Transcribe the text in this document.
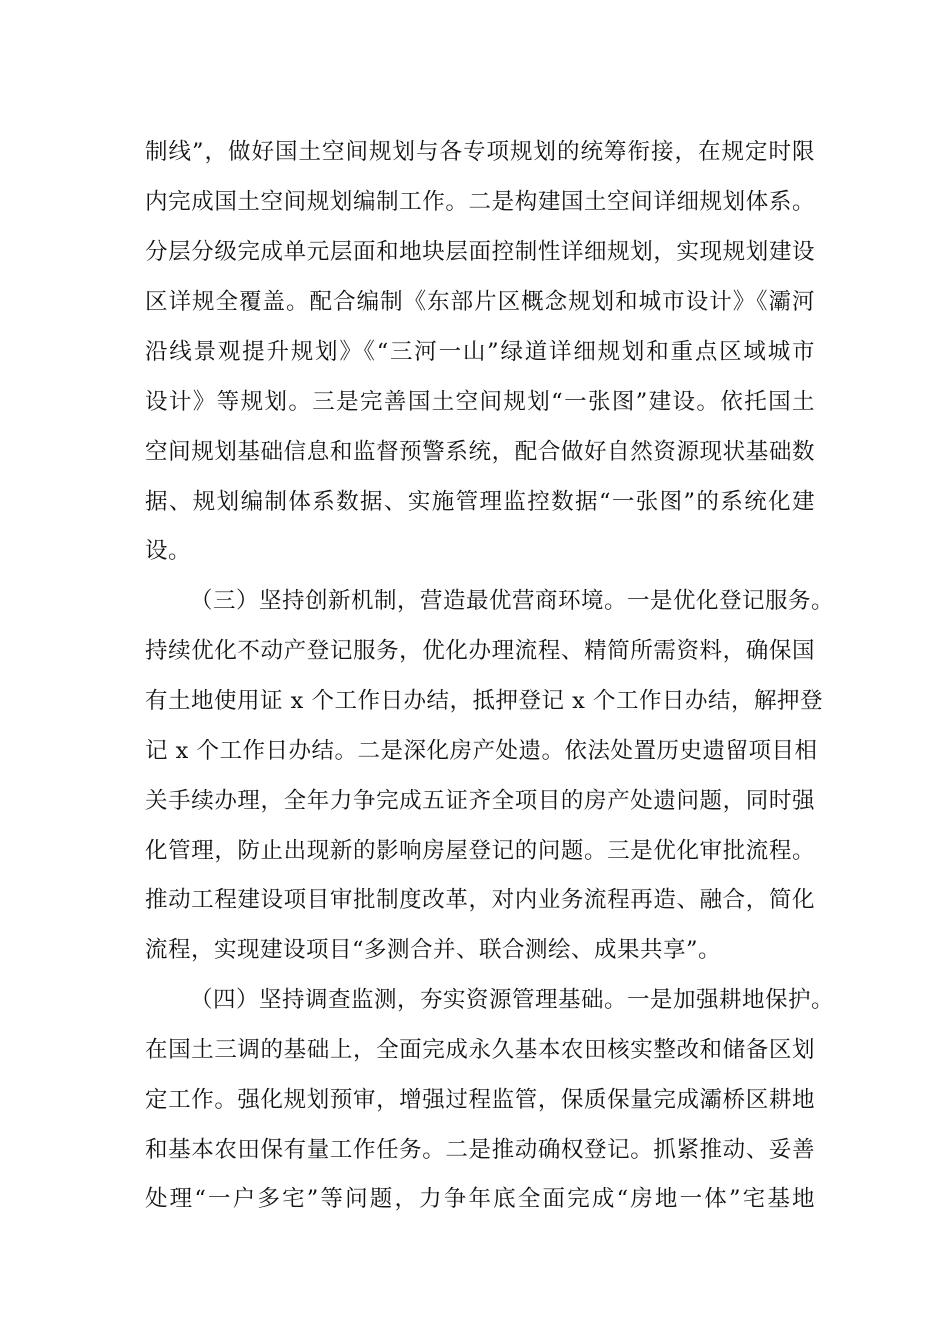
制线”，做好国土空间规划与各专项规划的统筹衔接，在规定时限
内完成国土空间规划编制工作。二是构建国土空间详细规划体系。
分层分级完成单元层面和地块层面控制性详细规划，实现规划建设
区详规全覆盖。配合编制《东部片区概念规划和城市设计》《灞河
沿线景观提升规划》《“三河一山”绿道详细规划和重点区域城市
设计》等规划。三是完善国土空间规划“一张图”建设。依托国土
空间规划基础信息和监督预警系统，配合做好自然资源现状基础数
据、规划编制体系数据、实施管理监控数据“一张图”的系统化建
设。
（三）坚持创新机制，营造最优营商环境。一是优化登记服务。
持续优化不动产登记服务，优化办理流程、精简所需资料，确保国
有土地使用证 x 个工作日办结，抵押登记 x 个工作日办结，解押登
记 x 个工作日办结。二是深化房产处遗。依法处置历史遗留项目相
关手续办理，全年力争完成五证齐全项目的房产处遗问题，同时强
化管理，防止出现新的影响房屋登记的问题。三是优化审批流程。
推动工程建设项目审批制度改革，对内业务流程再造、融合，简化
流程，实现建设项目“多测合并、联合测绘、成果共享”。
（四）坚持调查监测，夯实资源管理基础。一是加强耕地保护。
在国土三调的基础上，全面完成永久基本农田核实整改和储备区划
定工作。强化规划预审，增强过程监管，保质保量完成灞桥区耕地
和基本农田保有量工作任务。二是推动确权登记。抓紧推动、妥善
处理“一户多宅”等问题，力争年底全面完成“房地一体”宅基地
